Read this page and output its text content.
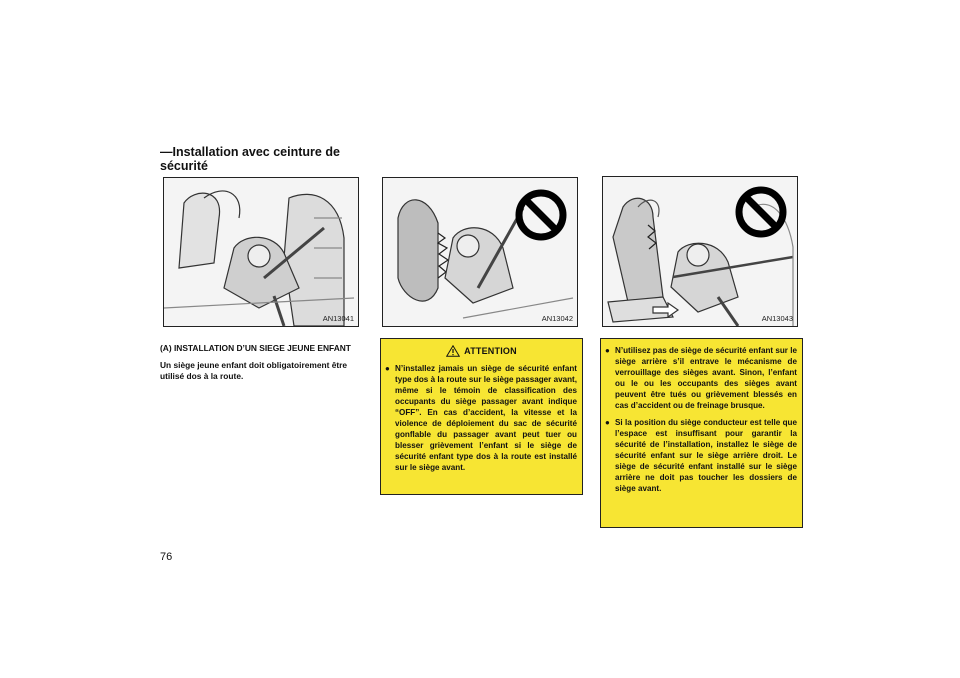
—Installation avec ceinture de sécurité
AN13041	AN13042	AN13043
(A) INSTALLATION D’UN SIEGE JEUNE ENFANT
Un siège jeune enfant doit obligatoirement être utilisé dos à la route.
ATTENTION
● N’installez jamais un siège de sécurité enfant type dos à la route sur le siège passager avant, même si le témoin de classification des occupants du siège passager avant indique “OFF”. En cas d’accident, la vitesse et la violence de déploiement du sac de sécurité gonflable du passager avant peut tuer ou blesser grièvement l’enfant si le siège de sécurité enfant type dos à la route est installé sur le siège avant.
● N’utilisez pas de siège de sécurité enfant sur le siège arrière s’il entrave le mécanisme de verrouillage des sièges avant. Sinon, l’enfant ou le ou les occupants des sièges avant peuvent être tués ou grièvement blessés en cas d’accident ou de freinage brusque.
● Si la position du siège conducteur est telle que l’espace est insuffisant pour garantir la sécurité de l’installation, installez le siège de sécurité enfant sur le siège arrière droit. Le siège de sécurité enfant installé sur le siège arrière ne doit pas toucher les dossiers de siège avant.
76
